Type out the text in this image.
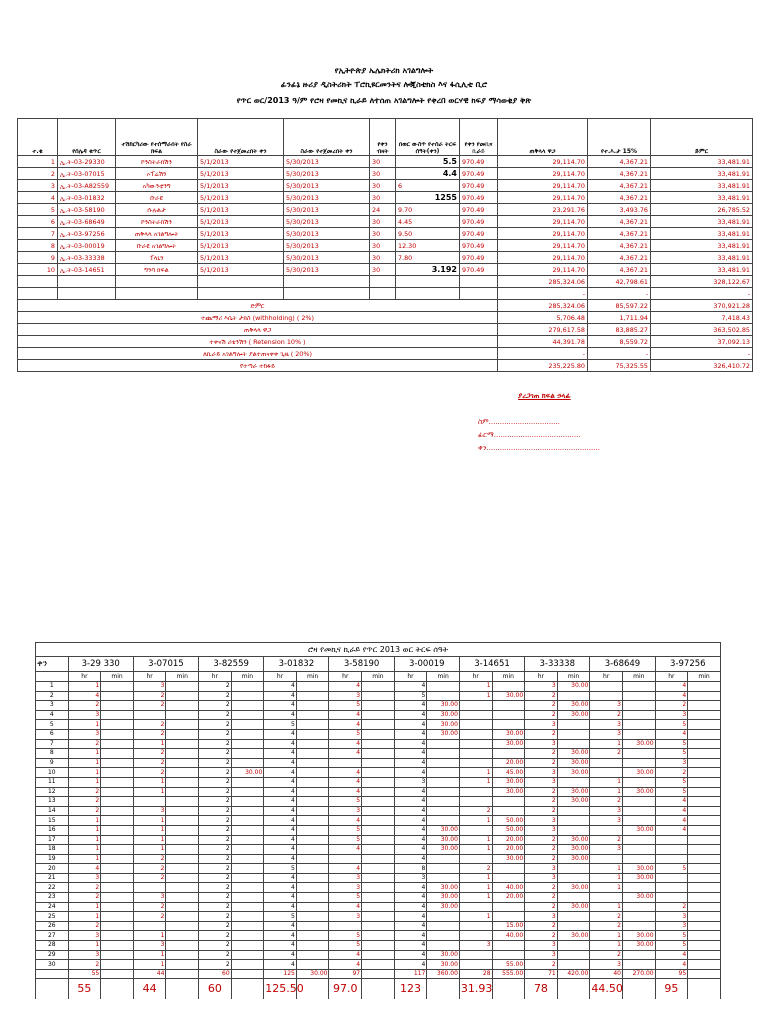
የኢትዮጵያ ኤሌክትሪክ አገልግሎት
ፊንፊኔ ዙሪያ ዲስትሪክት ፐሮኪዩርመንትና ሎጂስቲክስ እና ፋሲሊቲ ቢሮ
የጥር ወር/2013 ዓ/ም የሮዛ የመኪና ኪራይ ለተሰጠ አገልግሎት የቀረበ ወርሃዊ ክፍያ ማሳወቂያ ቅጽ
ተ.ቁ	የሰሌዳ ቁጥር	ተሽከርካሪው የተሰማራበት የስራ ክፍል	ስራው የተጀመረበት ቀን	ስራው የተጀመረበት ቀን	የቀን ብዛት	በወር ውስጥ የተሰራ ትርፍ ሰዓት(ቀን)	የቀን የመኪና ኪራይ	ጠቅላላ ዋጋ	የተ.እ.ታ 15%	ድምር
1	ኢ.ት-03-29330	ኮንስትራክሽን	5/1/2013	5/30/2013	30	5.5	970.49	29,114.70	4,367.21	33,481.91
2	ኢ.ት-03-07015	ኦፕሬሽን	5/1/2013	5/30/2013	30	4.4	970.49	29,114.70	4,367.21	33,481.91
3	ኢ.ት-03-A82559	አካውንቲንግ	5/1/2013	5/30/2013	30	6	970.49	29,114.70	4,367.21	33,481.91
4	ኢ.ት-03-01832	ቡራዩ	5/1/2013	5/30/2013	30	1255	970.49	29,114.70	4,367.21	33,481.91
5	ኢ.ት-03-58190	ሱሉልታ	5/1/2013	5/30/2013	24	9.70	970.49	23,291.76	3,493.76	26,785.52
6	ኢ.ት-03-68649	ኮንስትራክሽን	5/1/2013	5/30/2013	30	4.45	970.49	29,114.70	4,367.21	33,481.91
7	ኢ.ት-03-97256	ጠቅላላ አገልግሎት	5/1/2013	5/30/2013	30	9.50	970.49	29,114.70	4,367.21	33,481.91
8	ኢ.ት-03-00019	ቡራዩ አገልግሎት	5/1/2013	5/30/2013	30	12.30	970.49	29,114.70	4,367.21	33,481.91
9	ኢ.ት-03-33338	ፐላኒን	5/1/2013	5/30/2013	30	7.80	970.49	29,114.70	4,367.21	33,481.91
10	ኢ.ት-03-14651	ግንባ ክፍል	5/1/2013	5/30/2013	30	3.192	970.49	29,114.70	4,367.21	33,481.91
								285,324.06	42,798.61	328,122.67
								-	-	-
ድምር								285,324.06	85,597.22	370,921.28
ተጨማሪ እሴት ታክስ (withholding) ( 2%)								5,706.48	1,711.94	7,418.43
ጠቅላላ ዋጋ								279,617.58	83,885.27	363,502.85
ተቀናሽ ሪቴንሽን ( Retension 10% )								44,391.78	8,559.72	37,092.13
ለኪራይ አገልግሎት ያልተጠናቀቀ ጊዜ ( 20%)								-	-	-
የተጣራ ተከፋይ								235,225.80	75,325.55	326,410.72
ያረጋገጠ ክፍል ኃላፊ
ስም................................
ፊርማ.......................................
ቀን...................................................
ሮዛ የመኪና ኪራይ የጥር 2013 ወር ትርፍ ሰዓት																				
ቀን	3-29 330		3-07015		3-82559		3-01832		3-58190		3-00019		3-14651		3-33338		3-68649		3-97256	
	hr	min	hr	min	hr	min	hr	min	hr	min	hr	min	hr	min	hr	min	hr	min	hr	min
1	1		3		2		4		4		4		1		3	30.00			4	
2	4		2		2		4		3		5		1	30.00	2				4	
3	2		2		2		4		5		4	30.00			2	30.00	3		2	
4	3				2		4		4		4	30.00			2	30.00	2		3	
5	1		2		2		5		4		4	30.00			3		3		5	
6	3		2		2		4		5		4	30.00		30.00	2		3		4	
7	2		1		2		4		4		4			30.00	3		1	30.00	5	
8	1		2		2		4		4		4				2	30.00	2		5	
9	1		2		2		4				4			20.00	2	30.00			3	
10	1		2		2	30.00	4		4		4		1	45.00	3	30.00		30.00	2	
11	1		1		2		4		4		3		1	30.00	3		1		5	
12	2		1		2		4		4		4			30.00	2	30.00	1	30.00	5	
13	2				2		4		5		4				2	30.00	2		4	
14	2		3		2		4		3		4		2		2		3		4	
15	1		1		2		4		4		4		1	50.00	3		3		4	
16	1		1		2		4		5		4	30.00		50.00	3			30.00	4	
17	1		1		2		4		5		4	30.00	1	20.00	2	30.00	2			
18	1		1		2		4		4		4	30.00	1	20.00	2	30.00	3			
19	1		2		2		4				4			30.00	2	30.00				
20	4		2		2		5		4		8		2		3		1	30.00	5	
21	3		2		2		4		3		3		1		3		1	30.00		
22	2				2		4		3		4	30.00	1	40.00	2	30.00	1			
23	2		3		2		4		5		4	30.00	1	20.00	2			30.00		
24	1		2		2		4		4		4	30.00			2	30.00	1		2	
25	1		2		2		5		3		4		1		3		2		3	
26	2				2		4				4			15.00	2		2		3	
27	3		1		2		4		5		4			40.00	2	30.00	1	30.00	5	
28	1		3		2		4		5		4		3		3		1	30.00	5	
29	3		1		2		4		4		4	30.00			3		2		4	
30	2		1		2		4		4		4	30.00		55.00	2		3		4	
	55		44		60		125	30.00	97		117	360.00	28	555.00	71	420.00	40	270.00	95	
	55		44		60		125.50		97.0		123		31.93		78		44.50		95	
